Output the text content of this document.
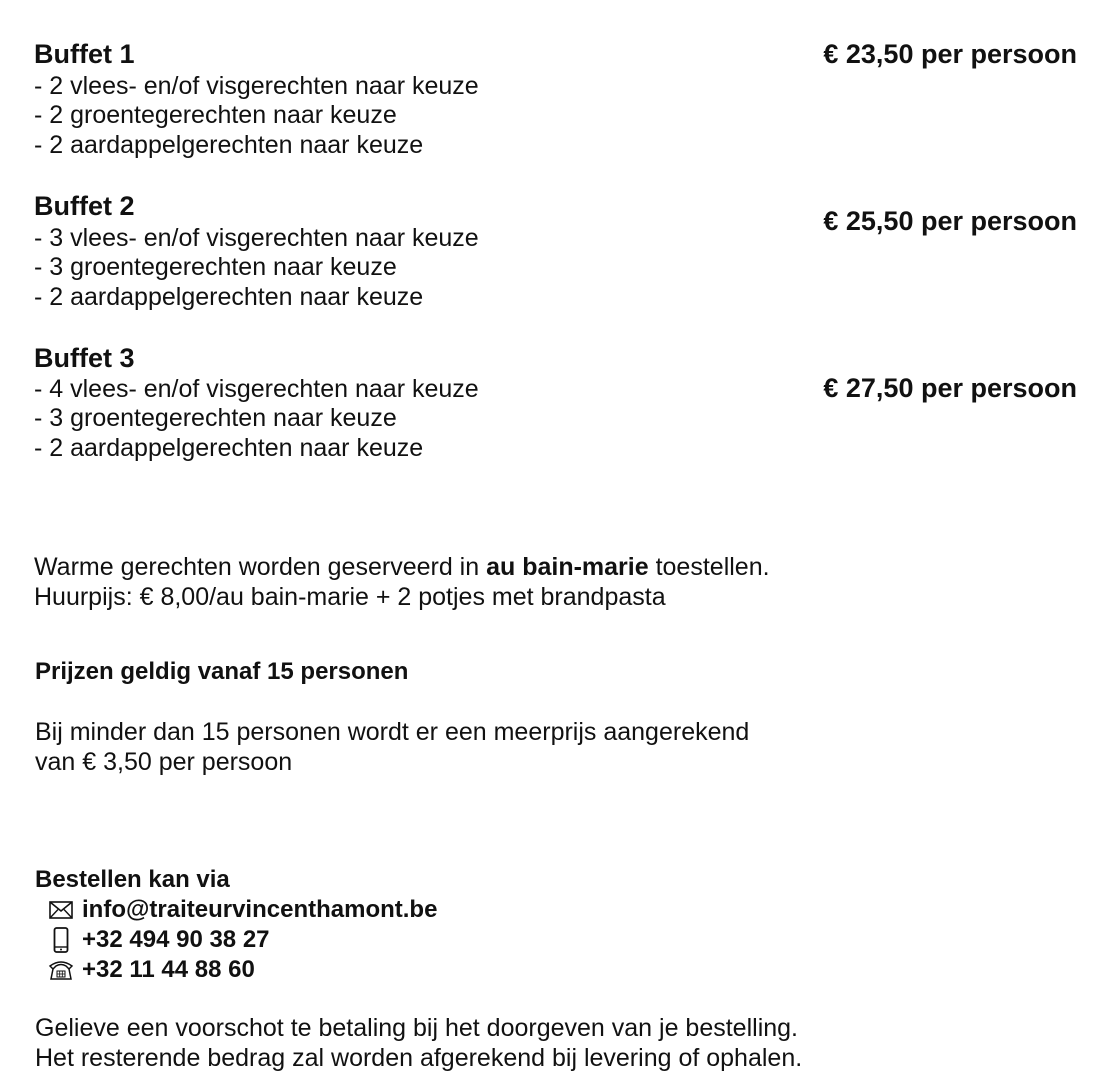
Buffet 1	€ 23,50 per persoon
- 2 vlees- en/of visgerechten naar keuze
- 2 groentegerechten naar keuze
- 2 aardappelgerechten naar keuze
Buffet 2	€ 25,50 per persoon
- 3 vlees- en/of visgerechten naar keuze
- 3 groentegerechten naar keuze
- 2 aardappelgerechten naar keuze
Buffet 3
€ 27,50 per persoon
- 4 vlees- en/of visgerechten naar keuze
- 3 groentegerechten naar keuze
- 2 aardappelgerechten naar keuze
Warme gerechten worden geserveerd in au bain-marie toestellen.
Huurpijs: € 8,00/au bain-marie + 2 potjes met brandpasta
Prijzen geldig vanaf 15 personen
Bij minder dan 15 personen wordt er een meerprijs aangerekend
van € 3,50 per persoon
Bestellen kan via
info@traiteurvincenthamont.be
+32 494 90 38 27
+32 11 44 88 60
Gelieve een voorschot te betaling bij het doorgeven van je bestelling.
Het resterende bedrag zal worden afgerekend bij levering of ophalen.
